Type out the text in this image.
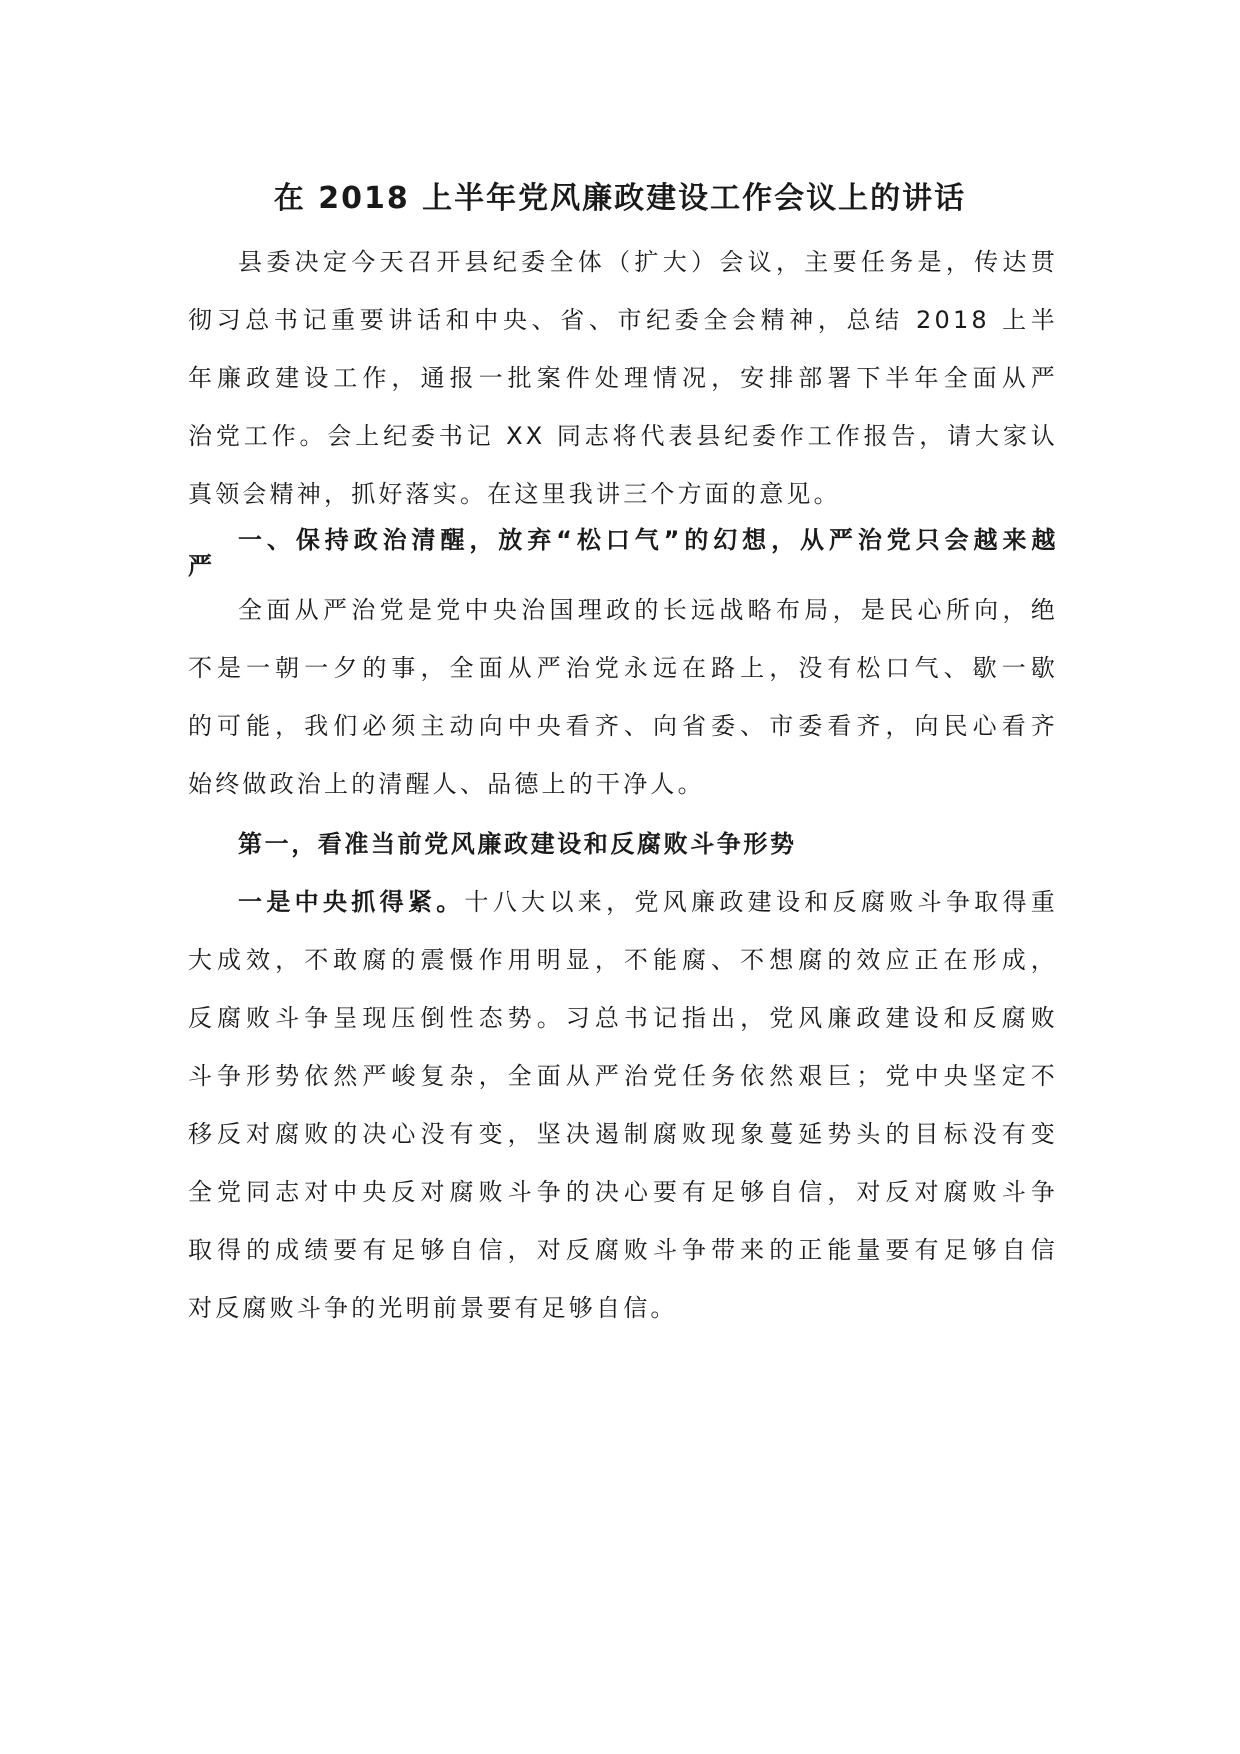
在 2018 上半年党风廉政建设工作会议上的讲话

县委决定今天召开县纪委全体（扩大）会议，主要任务是，传达贯

彻习总书记重要讲话和中央、省、市纪委全会精神，总结 2018 上半

年廉政建设工作，通报一批案件处理情况，安排部署下半年全面从严

治党工作。会上纪委书记 XX 同志将代表县纪委作工作报告，请大家认

真领会精神，抓好落实。在这里我讲三个方面的意见。

一、保持政治清醒，放弃“松口气”的幻想，从严治党只会越来越

严

全面从严治党是党中央治国理政的长远战略布局，是民心所向，绝

不是一朝一夕的事，全面从严治党永远在路上，没有松口气、歇一歇

的可能，我们必须主动向中央看齐、向省委、市委看齐，向民心看齐

始终做政治上的清醒人、品德上的干净人。

第一，看准当前党风廉政建设和反腐败斗争形势

一是中央抓得紧。十八大以来，党风廉政建设和反腐败斗争取得重

大成效，不敢腐的震慑作用明显，不能腐、不想腐的效应正在形成，

反腐败斗争呈现压倒性态势。习总书记指出，党风廉政建设和反腐败

斗争形势依然严峻复杂，全面从严治党任务依然艰巨；党中央坚定不

移反对腐败的决心没有变，坚决遏制腐败现象蔓延势头的目标没有变

全党同志对中央反对腐败斗争的决心要有足够自信，对反对腐败斗争

取得的成绩要有足够自信，对反腐败斗争带来的正能量要有足够自信

对反腐败斗争的光明前景要有足够自信。
